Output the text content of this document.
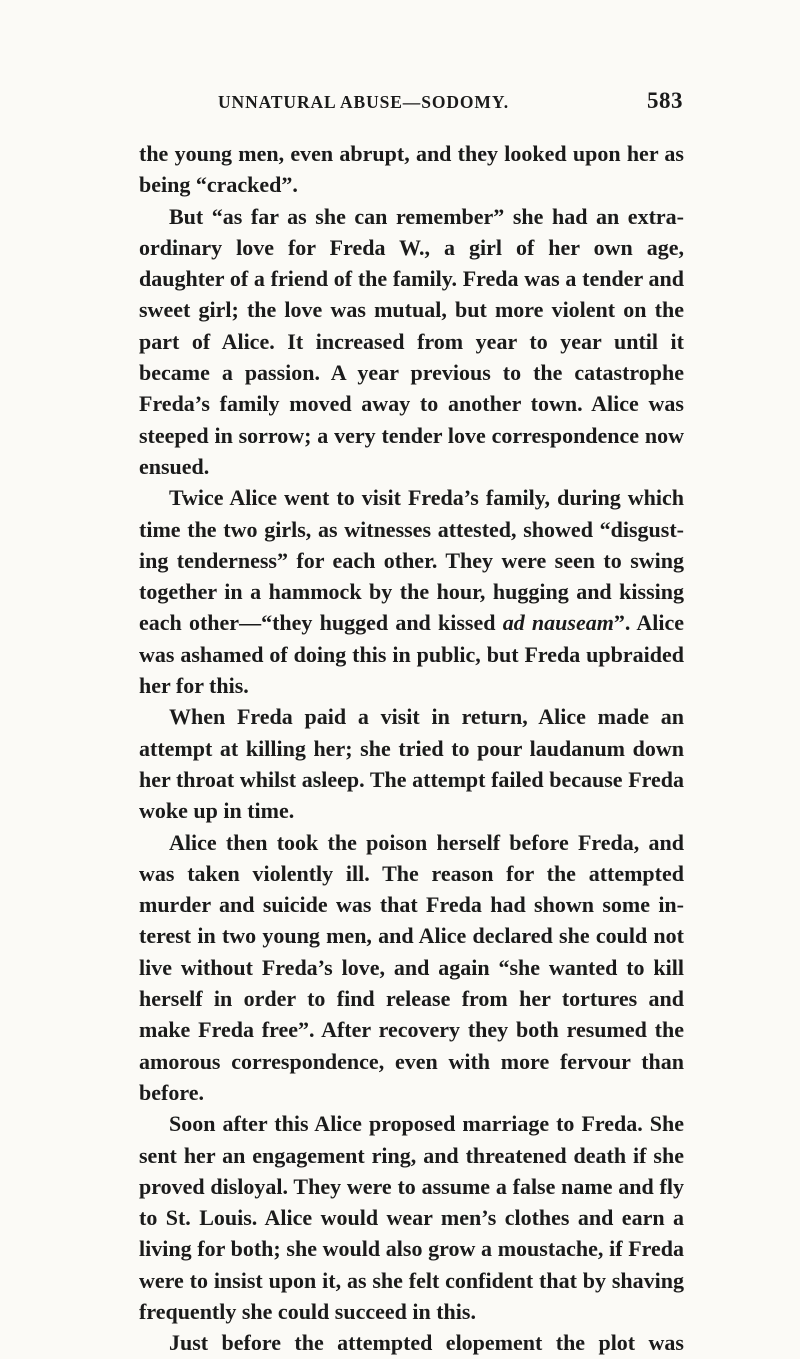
UNNATURAL ABUSE—SODOMY.	583

the young men, even abrupt, and they looked upon her as being “cracked”.

But “as far as she can remember” she had an extra-ordinary love for Freda W., a girl of her own age, daughter of a friend of the family. Freda was a tender and sweet girl; the love was mutual, but more violent on the part of Alice. It increased from year to year until it became a passion. A year previous to the catastrophe Freda’s family moved away to another town. Alice was steeped in sorrow; a very tender love correspondence now ensued.

Twice Alice went to visit Freda’s family, during which time the two girls, as witnesses attested, showed “disgust-ing tenderness” for each other. They were seen to swing together in a hammock by the hour, hugging and kissing each other—“they hugged and kissed ad nauseam”. Alice was ashamed of doing this in public, but Freda upbraided her for this.

When Freda paid a visit in return, Alice made an attempt at killing her; she tried to pour laudanum down her throat whilst asleep. The attempt failed because Freda woke up in time.

Alice then took the poison herself before Freda, and was taken violently ill. The reason for the attempted murder and suicide was that Freda had shown some in-terest in two young men, and Alice declared she could not live without Freda’s love, and again “she wanted to kill herself in order to find release from her tortures and make Freda free”. After recovery they both resumed the amorous correspondence, even with more fervour than before.

Soon after this Alice proposed marriage to Freda. She sent her an engagement ring, and threatened death if she proved disloyal. They were to assume a false name and fly to St. Louis. Alice would wear men’s clothes and earn a living for both; she would also grow a moustache, if Freda were to insist upon it, as she felt confident that by shaving frequently she could succeed in this.

Just before the attempted elopement the plot was
